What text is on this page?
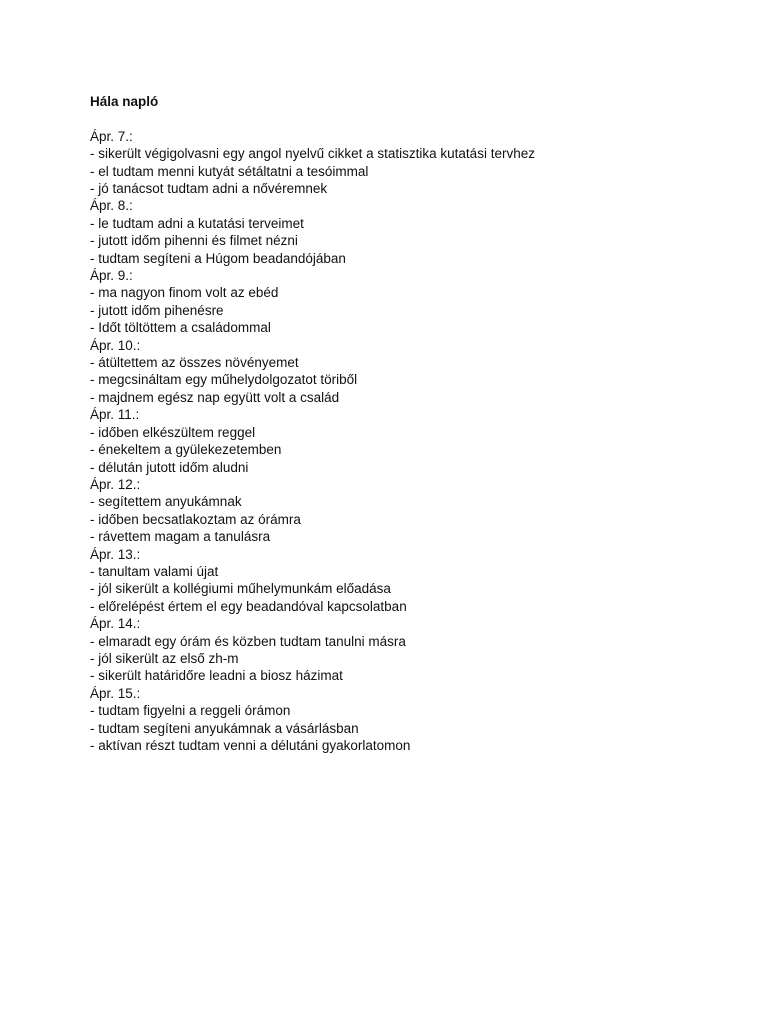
Hála napló

Ápr. 7.:

- sikerült végigolvasni egy angol nyelvű cikket a statisztika kutatási tervhez

- el tudtam menni kutyát sétáltatni a tesóimmal

- jó tanácsot tudtam adni a nővéremnek

Ápr. 8.:

- le tudtam adni a kutatási terveimet

- jutott időm pihenni és filmet nézni

- tudtam segíteni a Húgom beadandójában

Ápr. 9.:

- ma nagyon finom volt az ebéd

- jutott időm pihenésre

- Időt töltöttem a családommal

Ápr. 10.:

- átültettem az összes növényemet

- megcsináltam egy műhelydolgozatot töriből

- majdnem egész nap együtt volt a család

Ápr. 11.:

- időben elkészültem reggel

- énekeltem a gyülekezetemben

- délután jutott időm aludni

Ápr. 12.:

- segítettem anyukámnak

- időben becsatlakoztam az órámra

- rávettem magam a tanulásra

Ápr. 13.:

- tanultam valami újat

- jól sikerült a kollégiumi műhelymunkám előadása

- előrelépést értem el egy beadandóval kapcsolatban

Ápr. 14.:

- elmaradt egy órám és közben tudtam tanulni másra

- jól sikerült az első zh-m

- sikerült határidőre leadni a biosz házimat

Ápr. 15.:

- tudtam figyelni a reggeli órámon

- tudtam segíteni anyukámnak a vásárlásban

- aktívan részt tudtam venni a délutáni gyakorlatomon
